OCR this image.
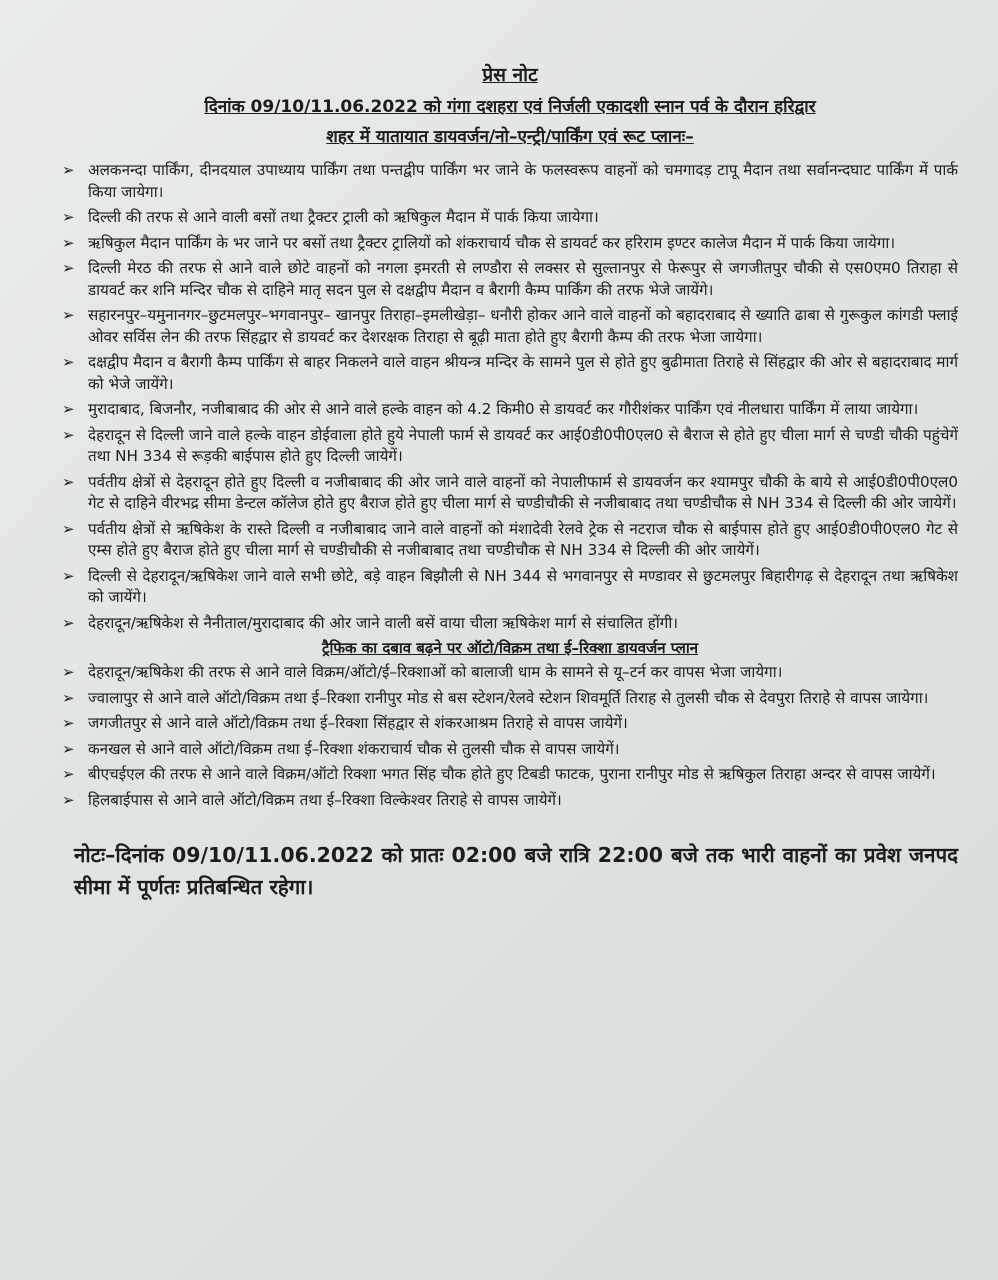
प्रेस नोट
दिनांक 09/10/11.06.2022 को गंगा दशहरा एवं निर्जली एकादशी स्नान पर्व के दौरान हरिद्वार
शहर में यातायात डायवर्जन/नो–एन्ट्री/पार्किंग एवं रूट प्लानः–
➢ अलकनन्दा पार्किंग, दीनदयाल उपाध्याय पार्किंग तथा पन्तद्वीप पार्किंग भर जाने के फलस्वरूप वाहनों को चमगादड़ टापू मैदान तथा सर्वानन्दघाट पार्किंग में पार्क किया जायेगा।
➢ दिल्ली की तरफ से आने वाली बसों तथा ट्रैक्टर ट्राली को ऋषिकुल मैदान में पार्क किया जायेगा।
➢ ऋषिकुल मैदान पार्किंग के भर जाने पर बसों तथा ट्रैक्टर ट्रालियों को शंकराचार्य चौक से डायवर्ट कर हरिराम इण्टर कालेज मैदान में पार्क किया जायेगा।
➢ दिल्ली मेरठ की तरफ से आने वाले छोटे वाहनों को नगला इमरती से लण्डौरा से लक्सर से सुल्तानपुर से फेरूपुर से जगजीतपुर चौकी से एस0एम0 तिराहा से डायवर्ट कर शनि मन्दिर चौक से दाहिने मातृ सदन पुल से दक्षद्वीप मैदान व बैरागी कैम्प पार्किंग की तरफ भेजे जायेंगे।
➢ सहारनपुर–यमुनानगर–छुटमलपुर–भगवानपुर– खानपुर तिराहा–इमलीखेड़ा– धनौरी होकर आने वाले वाहनों को बहादराबाद से ख्याति ढाबा से गुरूकुल कांगडी फ्लाई ओवर सर्विस लेन की तरफ सिंहद्वार से डायवर्ट कर देशरक्षक तिराहा से बूढ़ी माता होते हुए बैरागी कैम्प की तरफ भेजा जायेगा।
➢ दक्षद्वीप मैदान व बैरागी कैम्प पार्किंग से बाहर निकलने वाले वाहन श्रीयन्त्र मन्दिर के सामने पुल से होते हुए बुढीमाता तिराहे से सिंहद्वार की ओर से बहादराबाद मार्ग को भेजे जायेंगे।
➢ मुरादाबाद, बिजनौर, नजीबाबाद की ओर से आने वाले हल्के वाहन को 4.2 किमी0 से डायवर्ट कर गौरीशंकर पार्किंग एवं नीलधारा पार्किंग में लाया जायेगा।
➢ देहरादून से दिल्ली जाने वाले हल्के वाहन डोईवाला होते हुये नेपाली फार्म से डायवर्ट कर आई0डी0पी0एल0 से बैराज से होते हुए चीला मार्ग से चण्डी चौकी पहुंचेगें तथा NH 334 से रूड़की बाईपास होते हुए दिल्ली जायेगें।
➢ पर्वतीय क्षेत्रों से देहरादून होते हुए दिल्ली व नजीबाबाद की ओर जाने वाले वाहनों को नेपालीफार्म से डायवर्जन कर श्यामपुर चौकी के बाये से आई0डी0पी0एल0 गेट से दाहिने वीरभद्र सीमा डेन्टल कॉलेज होते हुए बैराज होते हुए चीला मार्ग से चण्डीचौकी से नजीबाबाद तथा चण्डीचौक से NH 334 से दिल्ली की ओर जायेगें।
➢ पर्वतीय क्षेत्रों से ऋषिकेश के रास्ते दिल्ली व नजीबाबाद जाने वाले वाहनों को मंशादेवी रेलवे ट्रेक से नटराज चौक से बाईपास होते हुए आई0डी0पी0एल0 गेट से एम्स होते हुए बैराज होते हुए चीला मार्ग से चण्डीचौकी से नजीबाबाद तथा चण्डीचौक से NH 334 से दिल्ली की ओर जायेगें।
➢ दिल्ली से देहरादून/ऋषिकेश जाने वाले सभी छोटे, बड़े वाहन बिझौली से NH 344 से भगवानपुर से मण्डावर से छुटमलपुर बिहारीगढ़ से देहरादून तथा ऋषिकेश को जायेंगे।
➢ देहरादून/ऋषिकेश से नैनीताल/मुरादाबाद की ओर जाने वाली बसें वाया चीला ऋषिकेश मार्ग से संचालित होंगी।
ट्रैफिक का दबाव बढ़ने पर ऑटो/विक्रम तथा ई–रिक्शा डायवर्जन प्लान
➢ देहरादून/ऋषिकेश की तरफ से आने वाले विक्रम/ऑटो/ई–रिक्शाओं को बालाजी धाम के सामने से यू–टर्न कर वापस भेजा जायेगा।
➢ ज्वालापुर से आने वाले ऑटो/विक्रम तथा ई–रिक्शा रानीपुर मोड से बस स्टेशन/रेलवे स्टेशन शिवमूर्ति तिराह से तुलसी चौक से देवपुरा तिराहे से वापस जायेगा।
➢ जगजीतपुर से आने वाले ऑटो/विक्रम तथा ई–रिक्शा सिंहद्वार से शंकरआश्रम तिराहे से वापस जायेगें।
➢ कनखल से आने वाले ऑटो/विक्रम तथा ई–रिक्शा शंकराचार्य चौक से तुलसी चौक से वापस जायेगें।
➢ बीएचईएल की तरफ से आने वाले विक्रम/ऑटो रिक्शा भगत सिंह चौक होते हुए टिबडी फाटक, पुराना रानीपुर मोड से ऋषिकुल तिराहा अन्दर से वापस जायेगें।
➢ हिलबाईपास से आने वाले ऑटो/विक्रम तथा ई–रिक्शा विल्केश्वर तिराहे से वापस जायेगें।
नोटः–दिनांक 09/10/11.06.2022 को प्रातः 02:00 बजे रात्रि 22:00 बजे तक भारी वाहनों का प्रवेश जनपद सीमा में पूर्णतः प्रतिबन्धित रहेगा।
